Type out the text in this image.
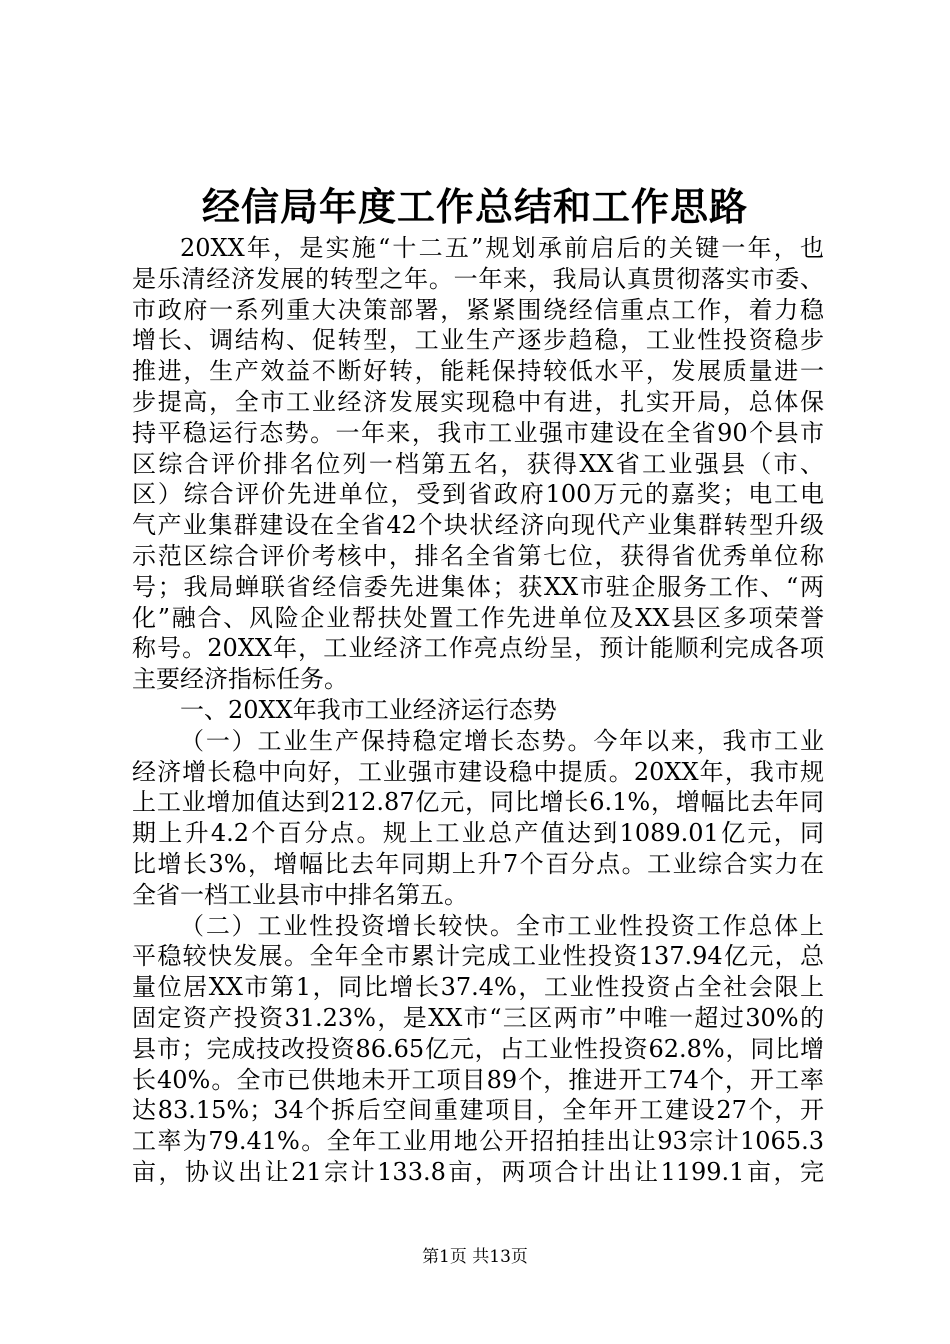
经信局年度工作总结和工作思路
20XX年，是实施“十二五”规划承前启后的关键一年，也
是乐清经济发展的转型之年。一年来，我局认真贯彻落实市委、
市政府一系列重大决策部署，紧紧围绕经信重点工作，着力稳
增长、调结构、促转型，工业生产逐步趋稳，工业性投资稳步
推进，生产效益不断好转，能耗保持较低水平，发展质量进一
步提高，全市工业经济发展实现稳中有进，扎实开局，总体保
持平稳运行态势。一年来，我市工业强市建设在全省90个县市
区综合评价排名位列一档第五名，获得XX省工业强县（市、
区）综合评价先进单位，受到省政府100万元的嘉奖；电工电
气产业集群建设在全省42个块状经济向现代产业集群转型升级
示范区综合评价考核中，排名全省第七位，获得省优秀单位称
号；我局蝉联省经信委先进集体；获XX市驻企服务工作、“两
化”融合、风险企业帮扶处置工作先进单位及XX县区多项荣誉
称号。20XX年，工业经济工作亮点纷呈，预计能顺利完成各项
主要经济指标任务。
一、20XX年我市工业经济运行态势
（一）工业生产保持稳定增长态势。今年以来，我市工业
经济增长稳中向好，工业强市建设稳中提质。20XX年，我市规
上工业增加值达到212.87亿元，同比增长6.1%，增幅比去年同
期上升4.2个百分点。规上工业总产值达到1089.01亿元，同
比增长3%，增幅比去年同期上升7个百分点。工业综合实力在
全省一档工业县市中排名第五。
（二）工业性投资增长较快。全市工业性投资工作总体上
平稳较快发展。全年全市累计完成工业性投资137.94亿元，总
量位居XX市第1，同比增长37.4%，工业性投资占全社会限上
固定资产投资31.23%，是XX市“三区两市”中唯一超过30%的
县市；完成技改投资86.65亿元，占工业性投资62.8%，同比增
长40%。全市已供地未开工项目89个，推进开工74个，开工率
达83.15%；34个拆后空间重建项目，全年开工建设27个，开
工率为79.41%。全年工业用地公开招拍挂出让93宗计1065.3
亩，协议出让21宗计133.8亩，两项合计出让1199.1亩，完
第1页 共13页
